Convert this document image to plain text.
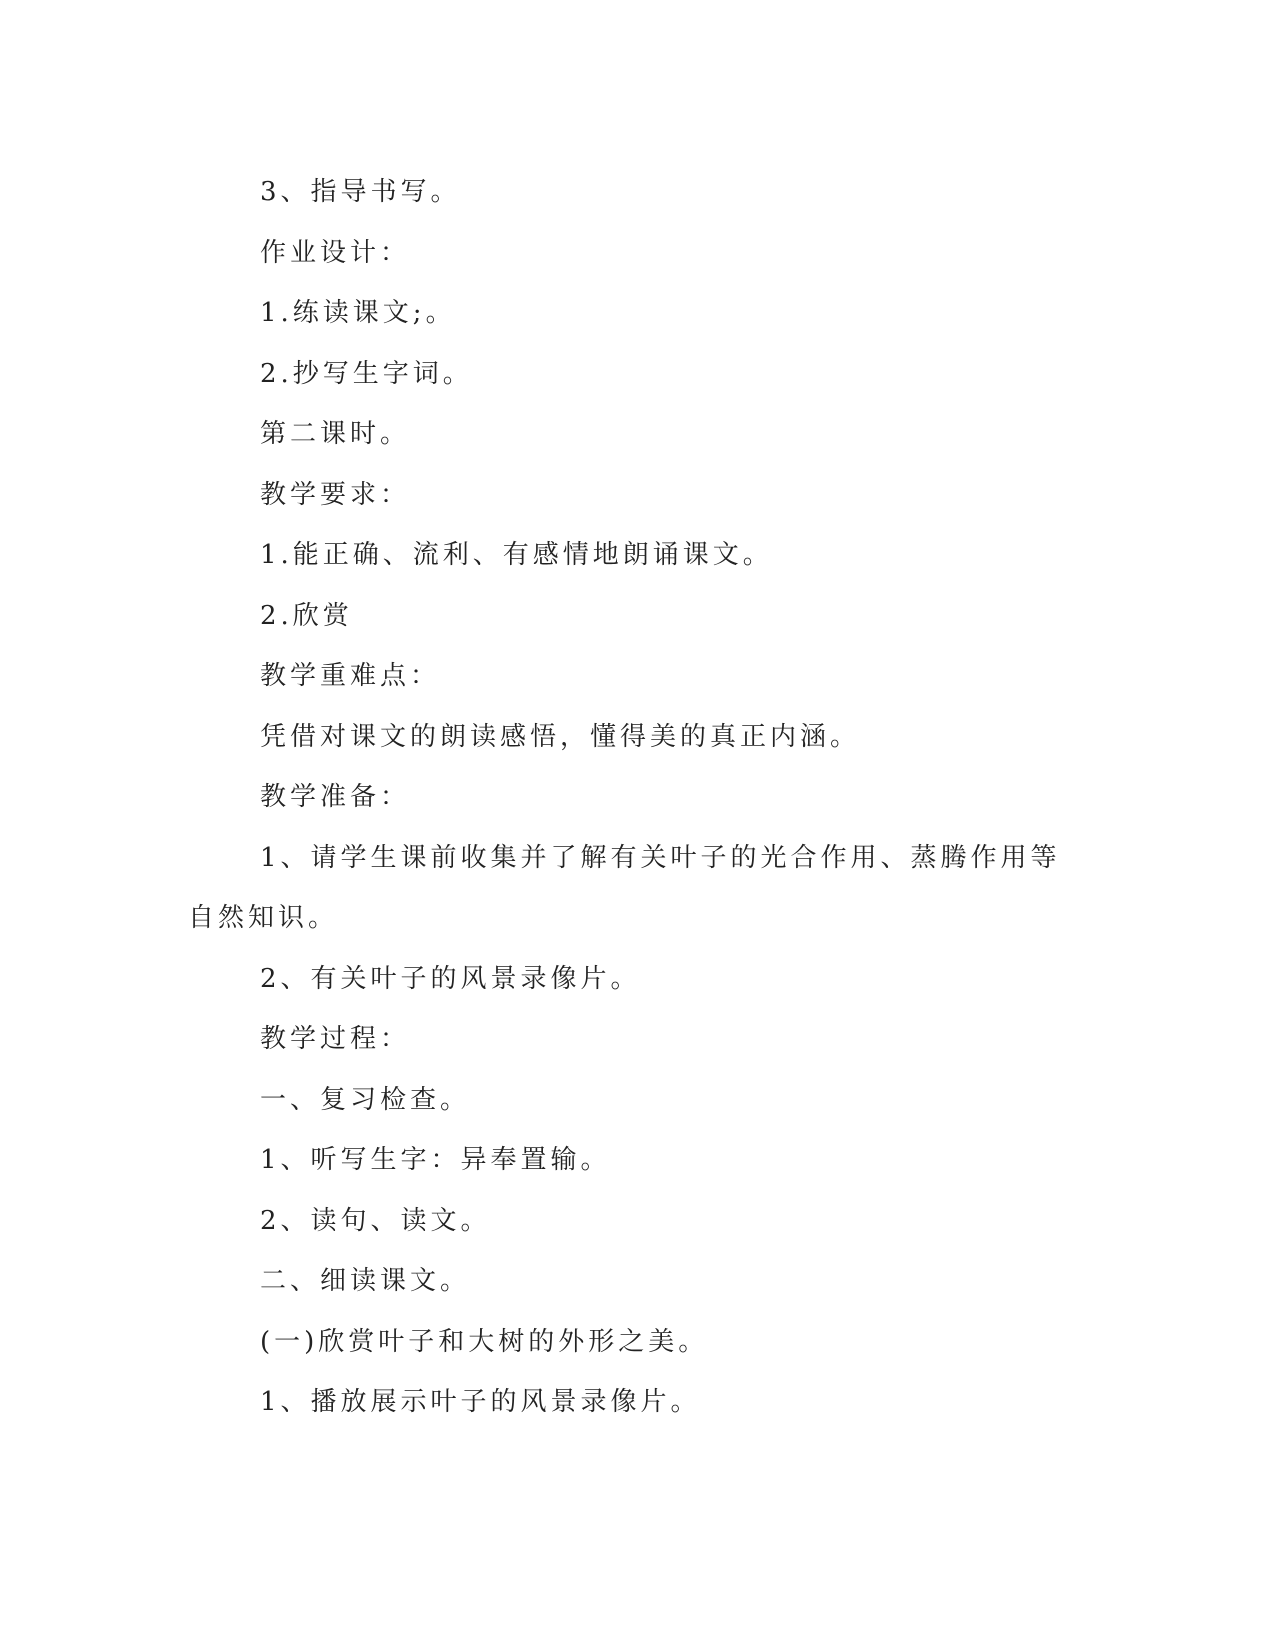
3、指导书写。

作业设计：

1.练读课文;。

2.抄写生字词。

第二课时。

教学要求：

1.能正确、流利、有感情地朗诵课文。

2.欣赏

教学重难点：

凭借对课文的朗读感悟，懂得美的真正内涵。

教学准备：

1、请学生课前收集并了解有关叶子的光合作用、蒸腾作用等自然知识。

2、有关叶子的风景录像片。

教学过程：

一、复习检查。

1、听写生字：异奉置输。

2、读句、读文。

二、细读课文。

(一)欣赏叶子和大树的外形之美。

1、播放展示叶子的风景录像片。
